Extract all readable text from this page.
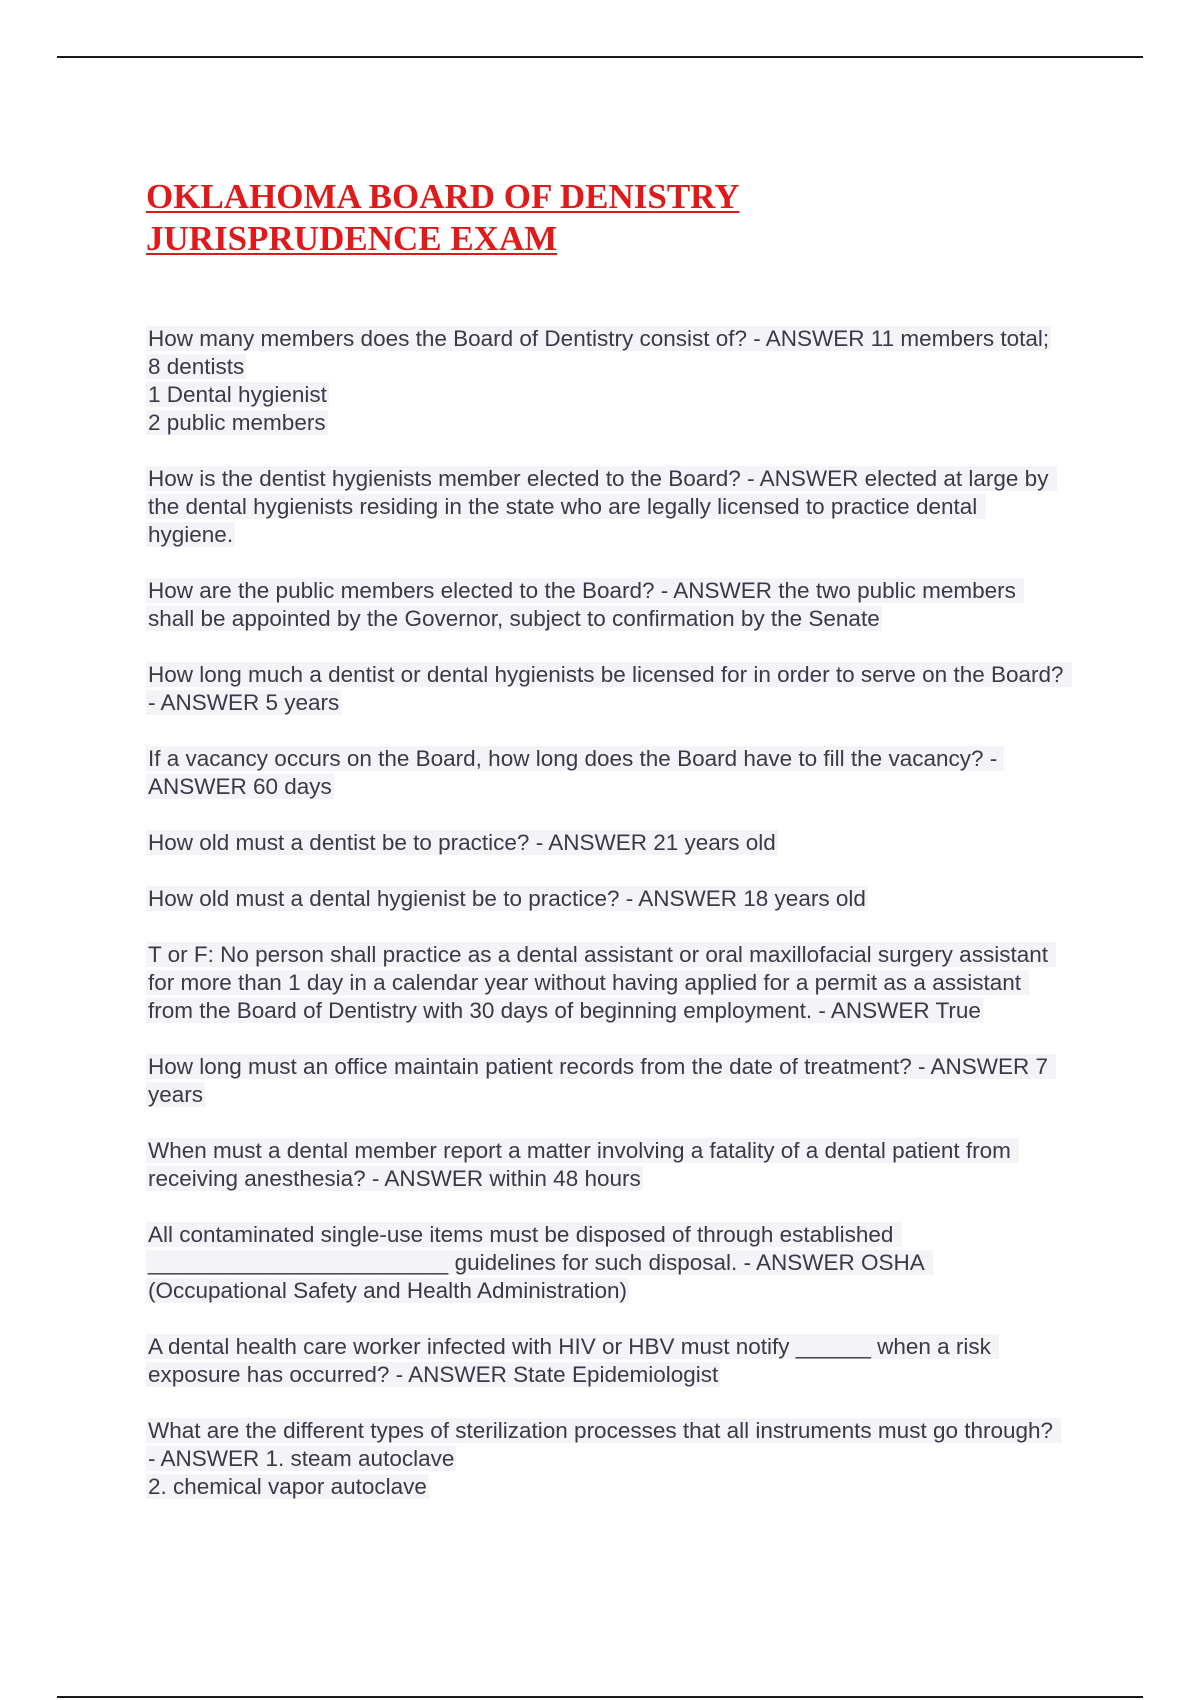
OKLAHOMA BOARD OF DENISTRY JURISPRUDENCE EXAM

How many members does the Board of Dentistry consist of? - ANSWER 11 members total;
8 dentists
1 Dental hygienist
2 public members

How is the dentist hygienists member elected to the Board? - ANSWER elected at large by the dental hygienists residing in the state who are legally licensed to practice dental hygiene.

How are the public members elected to the Board? - ANSWER the two public members shall be appointed by the Governor, subject to confirmation by the Senate

How long much a dentist or dental hygienists be licensed for in order to serve on the Board? - ANSWER 5 years

If a vacancy occurs on the Board, how long does the Board have to fill the vacancy? - ANSWER 60 days

How old must a dentist be to practice? - ANSWER 21 years old

How old must a dental hygienist be to practice? - ANSWER 18 years old

T or F: No person shall practice as a dental assistant or oral maxillofacial surgery assistant for more than 1 day in a calendar year without having applied for a permit as a assistant from the Board of Dentistry with 30 days of beginning employment. - ANSWER True

How long must an office maintain patient records from the date of treatment? - ANSWER 7 years

When must a dental member report a matter involving a fatality of a dental patient from receiving anesthesia? - ANSWER within 48 hours

All contaminated single-use items must be disposed of through established ________________________ guidelines for such disposal. - ANSWER OSHA (Occupational Safety and Health Administration)

A dental health care worker infected with HIV or HBV must notify ______ when a risk exposure has occurred? - ANSWER State Epidemiologist

What are the different types of sterilization processes that all instruments must go through? - ANSWER 1. steam autoclave
2. chemical vapor autoclave
